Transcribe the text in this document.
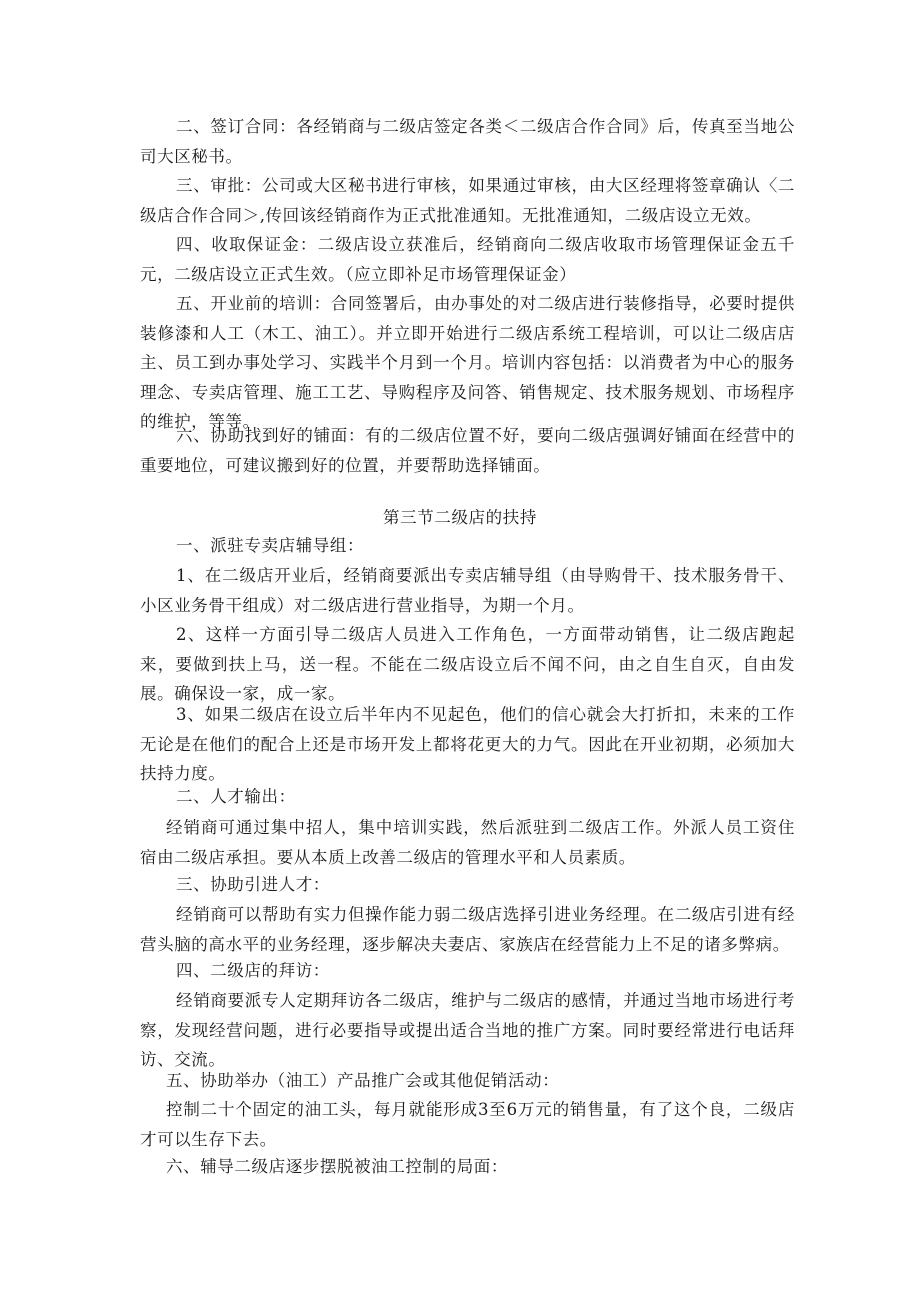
二、签订合同：各经销商与二级店签定各类＜二级店合作合同》后，传真至当地公司大区秘书。

三、审批：公司或大区秘书进行审核，如果通过审核，由大区经理将签章确认〈二级店合作合同＞,传回该经销商作为正式批准通知。无批准通知，二级店设立无效。

四、收取保证金：二级店设立获准后，经销商向二级店收取市场管理保证金五千元，二级店设立正式生效。（应立即补足市场管理保证金）

五、开业前的培训：合同签署后，由办事处的对二级店进行装修指导，必要时提供装修漆和人工（木工、油工）。并立即开始进行二级店系统工程培训，可以让二级店店主、员工到办事处学习、实践半个月到一个月。培训内容包括：以消费者为中心的服务理念、专卖店管理、施工工艺、导购程序及问答、销售规定、技术服务规划、市场程序的维护，等等。

六、协助找到好的铺面：有的二级店位置不好，要向二级店强调好铺面在经营中的重要地位，可建议搬到好的位置，并要帮助选择铺面。

第三节二级店的扶持

一、派驻专卖店辅导组：

1、在二级店开业后，经销商要派出专卖店辅导组（由导购骨干、技术服务骨干、小区业务骨干组成）对二级店进行营业指导，为期一个月。

2、这样一方面引导二级店人员进入工作角色，一方面带动销售，让二级店跑起来，要做到扶上马，送一程。不能在二级店设立后不闻不问，由之自生自灭，自由发展。确保设一家，成一家。

3、如果二级店在设立后半年内不见起色，他们的信心就会大打折扣，未来的工作无论是在他们的配合上还是市场开发上都将花更大的力气。因此在开业初期，必须加大扶持力度。

二、人才输出：

经销商可通过集中招人，集中培训实践，然后派驻到二级店工作。外派人员工资住宿由二级店承担。要从本质上改善二级店的管理水平和人员素质。

三、协助引进人才：

经销商可以帮助有实力但操作能力弱二级店选择引进业务经理。在二级店引进有经营头脑的高水平的业务经理，逐步解决夫妻店、家族店在经营能力上不足的诸多弊病。

四、二级店的拜访：

经销商要派专人定期拜访各二级店，维护与二级店的感情，并通过当地市场进行考察，发现经营问题，进行必要指导或提出适合当地的推广方案。同时要经常进行电话拜访、交流。

五、协助举办（油工）产品推广会或其他促销活动：

控制二十个固定的油工头，每月就能形成3至6万元的销售量，有了这个良，二级店才可以生存下去。

六、辅导二级店逐步摆脱被油工控制的局面：
